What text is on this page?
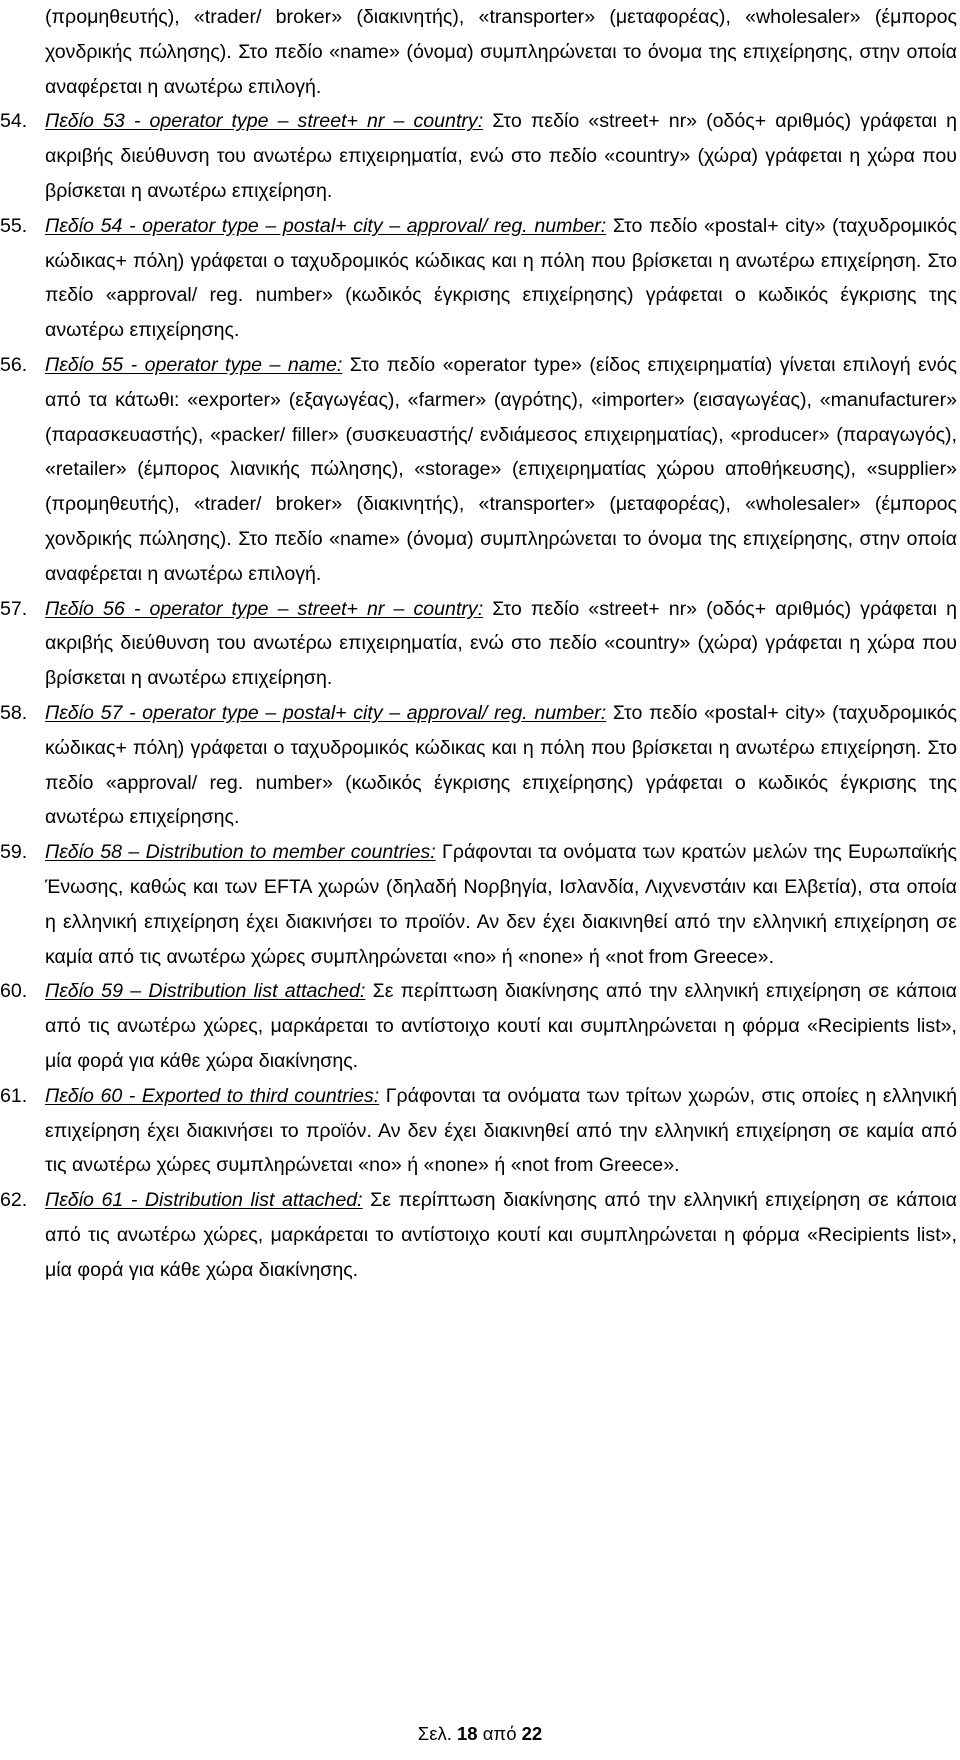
(προμηθευτής), «trader/ broker» (διακινητής), «transporter» (μεταφορέας), «wholesaler» (έμπορος χονδρικής πώλησης). Στο πεδίο «name» (όνομα) συμπληρώνεται το όνομα της επιχείρησης, στην οποία αναφέρεται η ανωτέρω επιλογή.

54. Πεδίο 53 - operator type – street+ nr – country: Στο πεδίο «street+ nr» (οδός+ αριθμός) γράφεται η ακριβής διεύθυνση του ανωτέρω επιχειρηματία, ενώ στο πεδίο «country» (χώρα) γράφεται η χώρα που βρίσκεται η ανωτέρω επιχείρηση.
55. Πεδίο 54 - operator type – postal+ city – approval/ reg. number: Στο πεδίο «postal+ city» (ταχυδρομικός κώδικας+ πόλη) γράφεται ο ταχυδρομικός κώδικας και η πόλη που βρίσκεται η ανωτέρω επιχείρηση. Στο πεδίο «approval/ reg. number» (κωδικός έγκρισης επιχείρησης) γράφεται ο κωδικός έγκρισης της ανωτέρω επιχείρησης.
56. Πεδίο 55 - operator type – name: Στο πεδίο «operator type» (είδος επιχειρηματία) γίνεται επιλογή ενός από τα κάτωθι: «exporter» (εξαγωγέας), «farmer» (αγρότης), «importer» (εισαγωγέας), «manufacturer» (παρασκευαστής), «packer/ filler» (συσκευαστής/ ενδιάμεσος επιχειρηματίας), «producer» (παραγωγός), «retailer» (έμπορος λιανικής πώλησης), «storage» (επιχειρηματίας χώρου αποθήκευσης), «supplier» (προμηθευτής), «trader/ broker» (διακινητής), «transporter» (μεταφορέας), «wholesaler» (έμπορος χονδρικής πώλησης). Στο πεδίο «name» (όνομα) συμπληρώνεται το όνομα της επιχείρησης, στην οποία αναφέρεται η ανωτέρω επιλογή.
57. Πεδίο 56 - operator type – street+ nr – country: Στο πεδίο «street+ nr» (οδός+ αριθμός) γράφεται η ακριβής διεύθυνση του ανωτέρω επιχειρηματία, ενώ στο πεδίο «country» (χώρα) γράφεται η χώρα που βρίσκεται η ανωτέρω επιχείρηση.
58. Πεδίο 57 - operator type – postal+ city – approval/ reg. number: Στο πεδίο «postal+ city» (ταχυδρομικός κώδικας+ πόλη) γράφεται ο ταχυδρομικός κώδικας και η πόλη που βρίσκεται η ανωτέρω επιχείρηση. Στο πεδίο «approval/ reg. number» (κωδικός έγκρισης επιχείρησης) γράφεται ο κωδικός έγκρισης της ανωτέρω επιχείρησης.
59. Πεδίο 58 – Distribution to member countries: Γράφονται τα ονόματα των κρατών μελών της Ευρωπαϊκής Ένωσης, καθώς και των EFTA χωρών (δηλαδή Νορβηγία, Ισλανδία, Λιχνενστάιν και Ελβετία), στα οποία η ελληνική επιχείρηση έχει διακινήσει το προϊόν. Αν δεν έχει διακινηθεί από την ελληνική επιχείρηση σε καμία από τις ανωτέρω χώρες συμπληρώνεται «no» ή «none» ή «not from Greece».
60. Πεδίο 59 – Distribution list attached: Σε περίπτωση διακίνησης από την ελληνική επιχείρηση σε κάποια από τις ανωτέρω χώρες, μαρκάρεται το αντίστοιχο κουτί και συμπληρώνεται η φόρμα «Recipients list», μία φορά για κάθε χώρα διακίνησης.
61. Πεδίο 60 - Exported to third countries: Γράφονται τα ονόματα των τρίτων χωρών, στις οποίες η ελληνική επιχείρηση έχει διακινήσει το προϊόν. Αν δεν έχει διακινηθεί από την ελληνική επιχείρηση σε καμία από τις ανωτέρω χώρες συμπληρώνεται «no» ή «none» ή «not from Greece».
62. Πεδίο 61 - Distribution list attached: Σε περίπτωση διακίνησης από την ελληνική επιχείρηση σε κάποια από τις ανωτέρω χώρες, μαρκάρεται το αντίστοιχο κουτί και συμπληρώνεται η φόρμα «Recipients list», μία φορά για κάθε χώρα διακίνησης.
Σελ. 18 από 22
